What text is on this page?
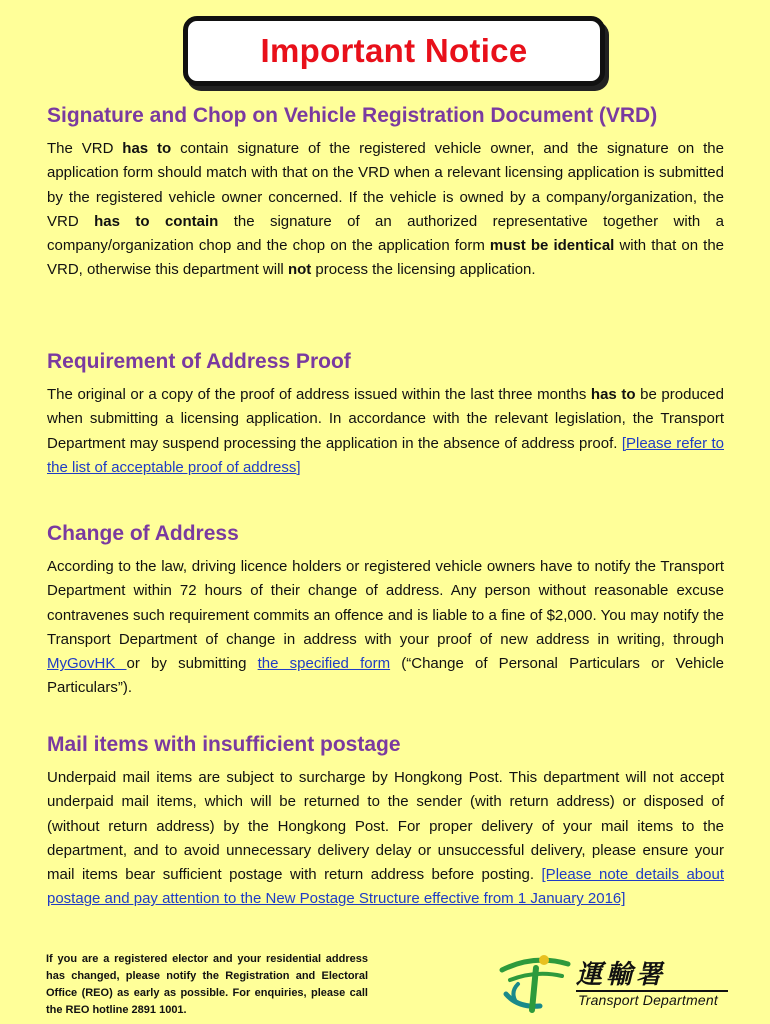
Important Notice
Signature and Chop on Vehicle Registration Document (VRD)

The VRD has to contain signature of the registered vehicle owner, and the signature on the application form should match with that on the VRD when a relevant licensing application is submitted by the registered vehicle owner concerned. If the vehicle is owned by a company/organization, the VRD has to contain the signature of an authorized representative together with a company/organization chop and the chop on the application form must be identical with that on the VRD, otherwise this department will not process the licensing application.

Requirement of Address Proof

The original or a copy of the proof of address issued within the last three months has to be produced when submitting a licensing application. In accordance with the relevant legislation, the Transport Department may suspend processing the application in the absence of address proof. [Please refer to the list of acceptable proof of address]

Change of Address

According to the law, driving licence holders or registered vehicle owners have to notify the Transport Department within 72 hours of their change of address. Any person without reasonable excuse contravenes such requirement commits an offence and is liable to a fine of $2,000. You may notify the Transport Department of change in address with your proof of new address in writing, through MyGovHK or by submitting the specified form (“Change of Personal Particulars or Vehicle Particulars”).

Mail items with insufficient postage

Underpaid mail items are subject to surcharge by Hongkong Post. This department will not accept underpaid mail items, which will be returned to the sender (with return address) or disposed of (without return address) by the Hongkong Post. For proper delivery of your mail items to the department, and to avoid unnecessary delivery delay or unsuccessful delivery, please ensure your mail items bear sufficient postage with return address before posting. [Please note details about postage and pay attention to the New Postage Structure effective from 1 January 2016]

If you are a registered elector and your residential address has changed, please notify the Registration and Electoral Office (REO) as early as possible. For enquiries, please call the REO hotline 2891 1001.
運輸署
Transport Department
